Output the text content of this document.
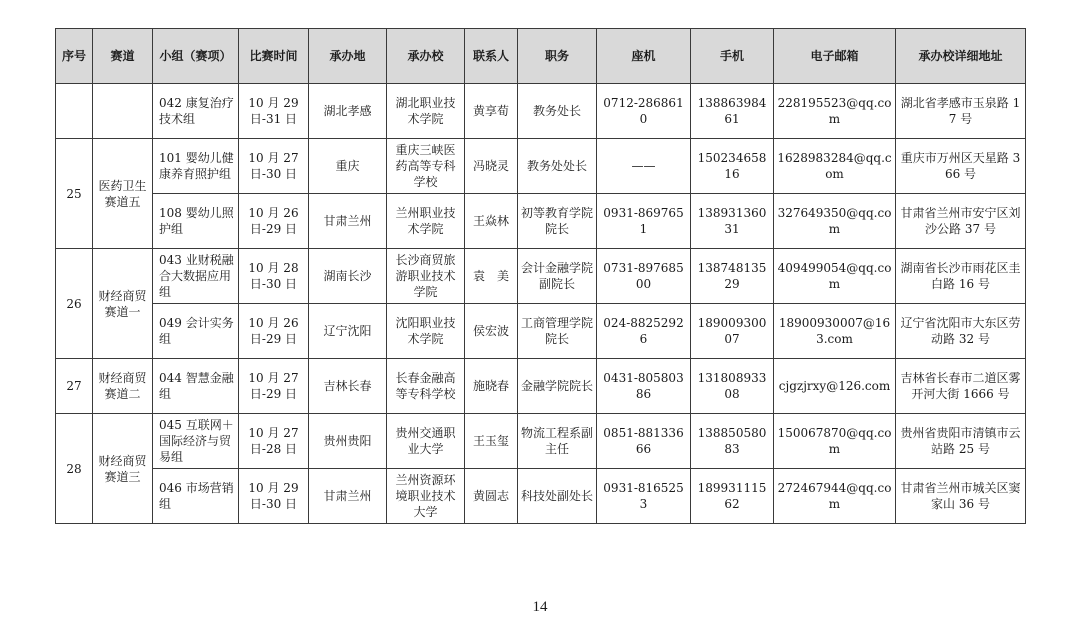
序号	赛道	小组（赛项）	比赛时间	承办地	承办校	联系人	职务	座机	手机	电子邮箱	承办校详细地址
		042 康复治疗技术组	10 月 29 日-31 日	湖北孝感	湖北职业技术学院	黄享荀	教务处长	0712-2868610	13886398461	228195523@qq.com	湖北省孝感市玉泉路 17 号
25	医药卫生赛道五	101 婴幼儿健康养育照护组	10 月 27 日-30 日	重庆	重庆三峡医药高等专科学校	冯晓灵	教务处处长	——	15023465816	1628983284@qq.com	重庆市万州区天星路 366 号
		108 婴幼儿照护组	10 月 26 日-29 日	甘肃兰州	兰州职业技术学院	王焱林	初等教育学院院长	0931-8697651	13893136031	327649350@qq.com	甘肃省兰州市安宁区刘沙公路 37 号
26	财经商贸赛道一	043 业财税融合大数据应用组	10 月 28 日-30 日	湖南长沙	长沙商贸旅游职业技术学院	袁　美	会计金融学院副院长	0731-89768500	13874813529	409499054@qq.com	湖南省长沙市雨花区圭白路 16 号
		049 会计实务组	10 月 26 日-29 日	辽宁沈阳	沈阳职业技术学院	侯宏波	工商管理学院院长	024-88252926	18900930007	18900930007@163.com	辽宁省沈阳市大东区劳动路 32 号
27	财经商贸赛道二	044 智慧金融组	10 月 27 日-29 日	吉林长春	长春金融高等专科学校	施晓春	金融学院院长	0431-80580386	13180893308	cjgzjrxy@126.com	吉林省长春市二道区雾开河大街 1666 号
28	财经商贸赛道三	045 互联网＋国际经济与贸易组	10 月 27 日-28 日	贵州贵阳	贵州交通职业大学	王玉玺	物流工程系副主任	0851-88133666	13885058083	150067870@qq.com	贵州省贵阳市清镇市云站路 25 号
		046 市场营销组	10 月 29 日-30 日	甘肃兰州	兰州资源环境职业技术大学	黄圆志	科技处副处长	0931-8165253	18993111562	272467944@qq.com	甘肃省兰州市城关区窦家山 36 号
14
